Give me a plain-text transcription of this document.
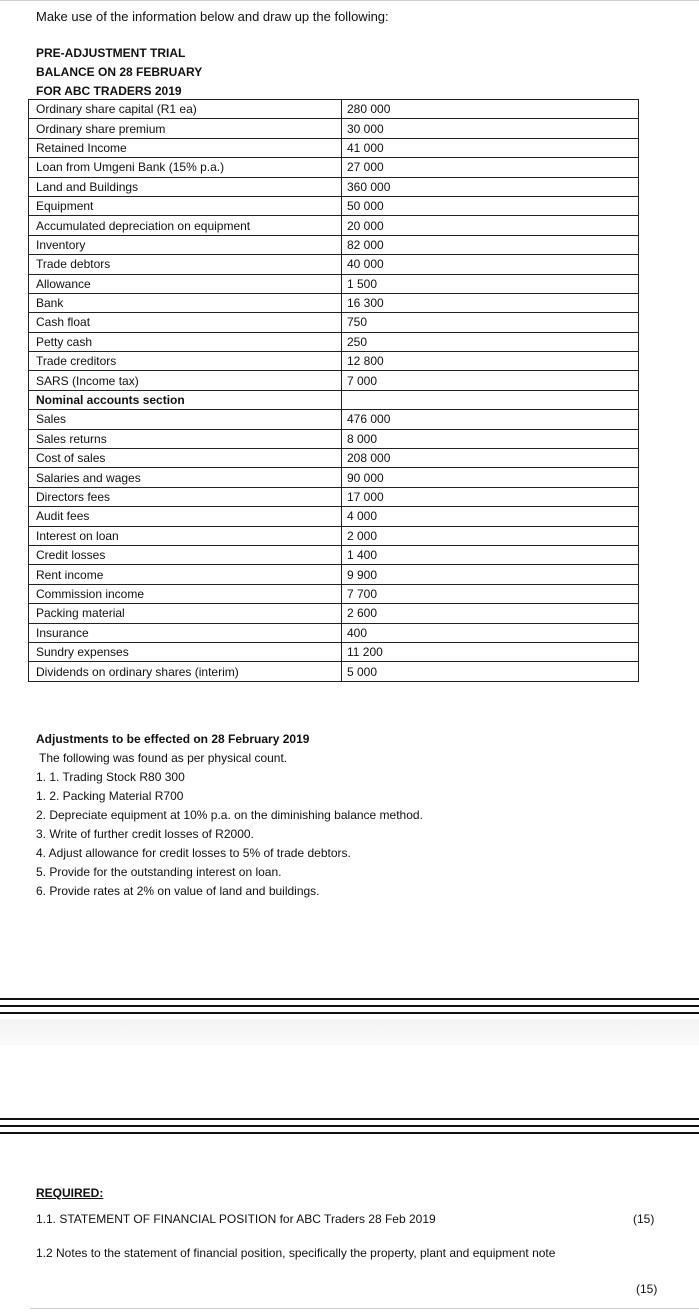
Make use of the information below and draw up the following:
PRE-ADJUSTMENT TRIAL
BALANCE ON 28 FEBRUARY
FOR ABC TRADERS 2019
Ordinary share capital (R1 ea)	280 000
Ordinary share premium	30 000
Retained Income	41 000
Loan from Umgeni Bank (15% p.a.)	27 000
Land and Buildings	360 000
Equipment	50 000
Accumulated depreciation on equipment	20 000
Inventory	82 000
Trade debtors	40 000
Allowance	1 500
Bank	16 300
Cash float	750
Petty cash	250
Trade creditors	12 800
SARS (Income tax)	7 000
Nominal accounts section	
Sales	476 000
Sales returns	8 000
Cost of sales	208 000
Salaries and wages	90 000
Directors fees	17 000
Audit fees	4 000
Interest on loan	2 000
Credit losses	1 400
Rent income	9 900
Commission income	7 700
Packing material	2 600
Insurance	400
Sundry expenses	11 200
Dividends on ordinary shares (interim)	5 000
Adjustments to be effected on 28 February 2019
The following was found as per physical count.
1. 1. Trading Stock R80 300
1. 2. Packing Material R700
2. Depreciate equipment at 10% p.a. on the diminishing balance method.
3. Write of further credit losses of R2000.
4. Adjust allowance for credit losses to 5% of trade debtors.
5. Provide for the outstanding interest on loan.
6. Provide rates at 2% on value of land and buildings.
REQUIRED:
1.1. STATEMENT OF FINANCIAL POSITION for ABC Traders 28 Feb 2019	(15)
1.2 Notes to the statement of financial position, specifically the property, plant and equipment note
(15)
